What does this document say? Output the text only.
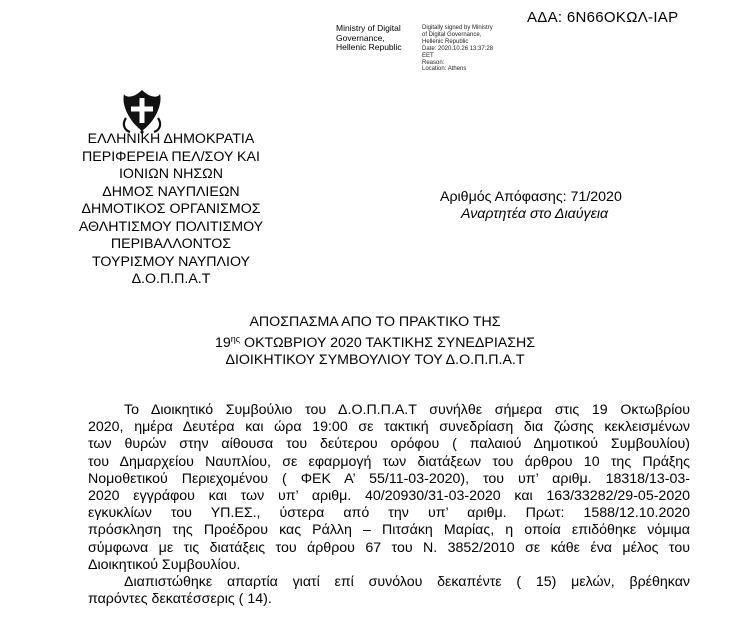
ΑΔΑ: 6Ν66ΟΚΩΛ-ΙΑΡ
Ministry of Digital
Governance,
Hellenic Republic
Digitally signed by Ministry
of Digital Governance,
Hellenic Republic
Date: 2020.10.26 13:37:28
EET
Reason:
Location: Athens
ΕΛΛΗΝΙΚΗ ΔΗΜΟΚΡΑΤΙΑ
ΠΕΡΙΦΕΡΕΙΑ ΠΕΛ/ΣΟΥ ΚΑΙ
ΙΟΝΙΩΝ ΝΗΣΩΝ
ΔΗΜΟΣ ΝΑΥΠΛΙΕΩΝ
ΔΗΜΟΤΙΚΟΣ ΟΡΓΑΝΙΣΜΟΣ
ΑΘΛΗΤΙΣΜΟΥ ΠΟΛΙΤΙΣΜΟΥ
ΠΕΡΙΒΑΛΛΟΝΤΟΣ
ΤΟΥΡΙΣΜΟΥ ΝΑΥΠΛΙΟΥ
Δ.Ο.Π.Π.Α.Τ
Αριθμός Απόφασης: 71/2020
Αναρτητέα στο Διαύγεια
ΑΠΟΣΠΑΣΜΑ ΑΠΟ ΤΟ ΠΡΑΚΤΙΚΟ ΤΗΣ
$19^{\eta\varsigma}$ ΟΚΤΩΒΡΙΟΥ 2020 ΤΑΚΤΙΚΗΣ ΣΥΝΕΔΡΙΑΣΗΣ
ΔΙΟΙΚΗΤΙΚΟΥ ΣΥΜΒΟΥΛΙΟΥ ΤΟΥ Δ.Ο.Π.Π.Α.Τ
Το Διοικητικό Συμβούλιο του Δ.Ο.Π.Π.Α.Τ συνήλθε σήμερα στις 19 Οκτωβρίου
2020, ημέρα Δευτέρα και ώρα 19:00 σε τακτική συνεδρίαση δια ζώσης κεκλεισμένων
των θυρών στην αίθουσα του δεύτερου ορόφου ( παλαιού Δημοτικού Συμβουλίου)
του Δημαρχείου Ναυπλίου, σε εφαρμογή των διατάξεων του άρθρου 10 της Πράξης
Νομοθετικού Περιεχομένου ( ΦΕΚ Α’ 55/11-03-2020), του υπ’ αριθμ. 18318/13-03-
2020 εγγράφου και των υπ’ αριθμ. 40/20930/31-03-2020 και 163/33282/29-05-2020
εγκυκλίων του ΥΠ.ΕΣ., ύστερα από την υπ’ αριθμ. Πρωτ: 1588/12.10.2020
πρόσκληση της Προέδρου κας Ράλλη – Πιτσάκη Μαρίας, η οποία επιδόθηκε νόμιμα
σύμφωνα με τις διατάξεις του άρθρου 67 του Ν. 3852/2010 σε κάθε ένα μέλος του
Διοικητικού Συμβουλίου.
Διαπιστώθηκε απαρτία γιατί επί συνόλου δεκαπέντε ( 15) μελών, βρέθηκαν
παρόντες δεκατέσσερις ( 14).
